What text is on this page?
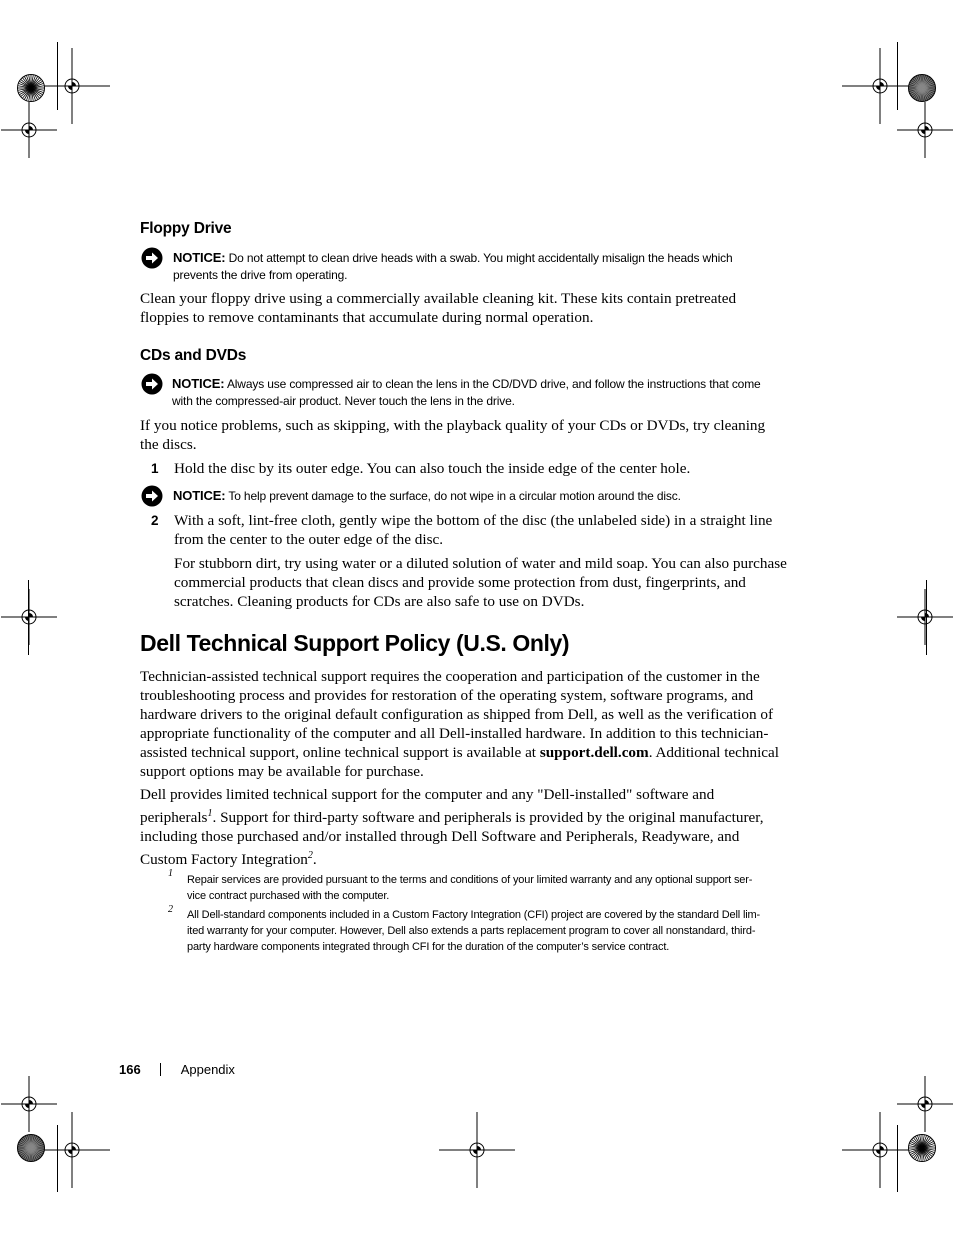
Floppy Drive
NOTICE: Do not attempt to clean drive heads with a swab. You might accidentally misalign the heads which
prevents the drive from operating.
Clean your floppy drive using a commercially available cleaning kit. These kits contain pretreated
floppies to remove contaminants that accumulate during normal operation.
CDs and DVDs
NOTICE: Always use compressed air to clean the lens in the CD/DVD drive, and follow the instructions that come
with the compressed-air product. Never touch the lens in the drive.
If you notice problems, such as skipping, with the playback quality of your CDs or DVDs, try cleaning
the discs.
1 Hold the disc by its outer edge. You can also touch the inside edge of the center hole.
NOTICE: To help prevent damage to the surface, do not wipe in a circular motion around the disc.
2 With a soft, lint-free cloth, gently wipe the bottom of the disc (the unlabeled side) in a straight line
from the center to the outer edge of the disc.
For stubborn dirt, try using water or a diluted solution of water and mild soap. You can also purchase
commercial products that clean discs and provide some protection from dust, fingerprints, and
scratches. Cleaning products for CDs are also safe to use on DVDs.
Dell Technical Support Policy (U.S. Only)
Technician-assisted technical support requires the cooperation and participation of the customer in the
troubleshooting process and provides for restoration of the operating system, software programs, and
hardware drivers to the original default configuration as shipped from Dell, as well as the verification of
appropriate functionality of the computer and all Dell-installed hardware. In addition to this technician-
assisted technical support, online technical support is available at support.dell.com. Additional technical
support options may be available for purchase.
Dell provides limited technical support for the computer and any "Dell-installed" software and
peripherals$^1$. Support for third-party software and peripherals is provided by the original manufacturer,
including those purchased and/or installed through Dell Software and Peripherals, Readyware, and
Custom Factory Integration$^2$.
1
Repair services are provided pursuant to the terms and conditions of your limited warranty and any optional support ser-
vice contract purchased with the computer.
2 All Dell-standard components included in a Custom Factory Integration (CFI) project are covered by the standard Dell lim-
ited warranty for your computer. However, Dell also extends a parts replacement program to cover all nonstandard, third-
party hardware components integrated through CFI for the duration of the computer’s service contract.
166	Appendix
